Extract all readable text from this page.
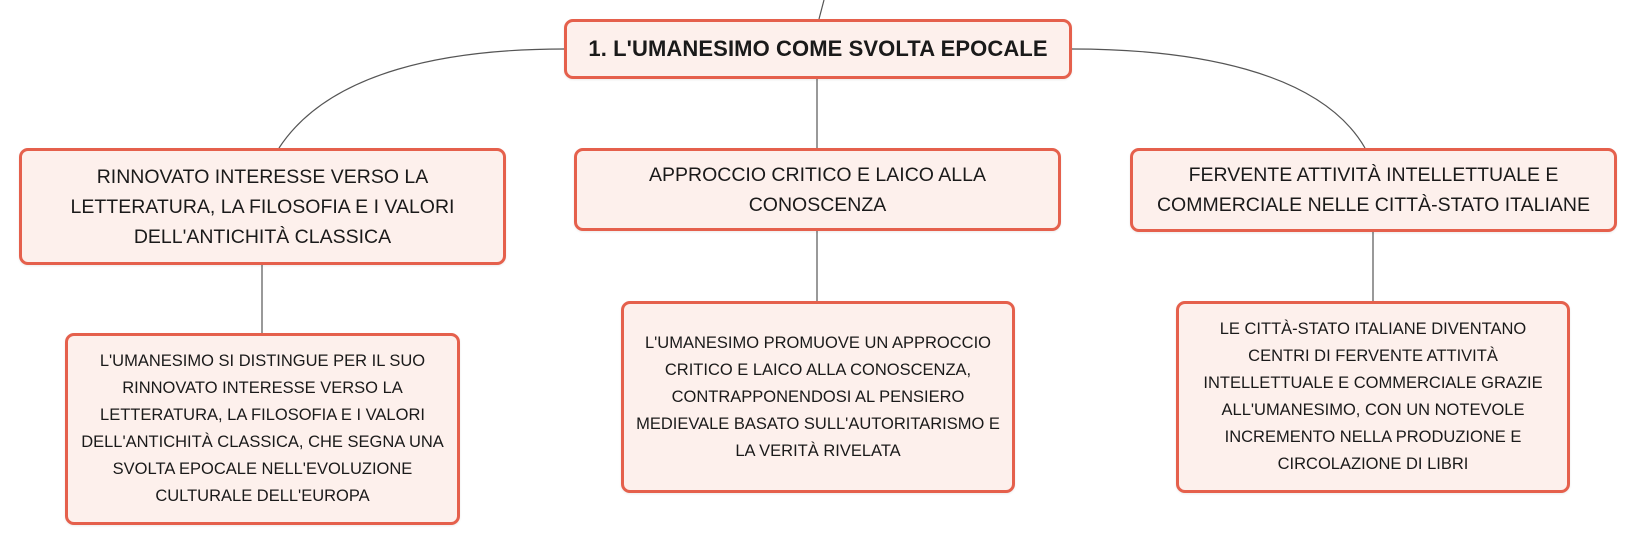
1. L'UMANESIMO COME SVOLTA EPOCALE
RINNOVATO INTERESSE VERSO LA LETTERATURA, LA FILOSOFIA E I VALORI DELL'ANTICHITÀ CLASSICA
APPROCCIO CRITICO E LAICO ALLA CONOSCENZA
FERVENTE ATTIVITÀ INTELLETTUALE E COMMERCIALE NELLE CITTÀ-STATO ITALIANE
L'UMANESIMO SI DISTINGUE PER IL SUO RINNOVATO INTERESSE VERSO LA LETTERATURA, LA FILOSOFIA E I VALORI DELL'ANTICHITÀ CLASSICA, CHE SEGNA UNA SVOLTA EPOCALE NELL'EVOLUZIONE CULTURALE DELL'EUROPA
L'UMANESIMO PROMUOVE UN APPROCCIO CRITICO E LAICO ALLA CONOSCENZA, CONTRAPPONENDOSI AL PENSIERO MEDIEVALE BASATO SULL'AUTORITARISMO E LA VERITÀ RIVELATA
LE CITTÀ-STATO ITALIANE DIVENTANO CENTRI DI FERVENTE ATTIVITÀ INTELLETTUALE E COMMERCIALE GRAZIE ALL'UMANESIMO, CON UN NOTEVOLE INCREMENTO NELLA PRODUZIONE E CIRCOLAZIONE DI LIBRI
